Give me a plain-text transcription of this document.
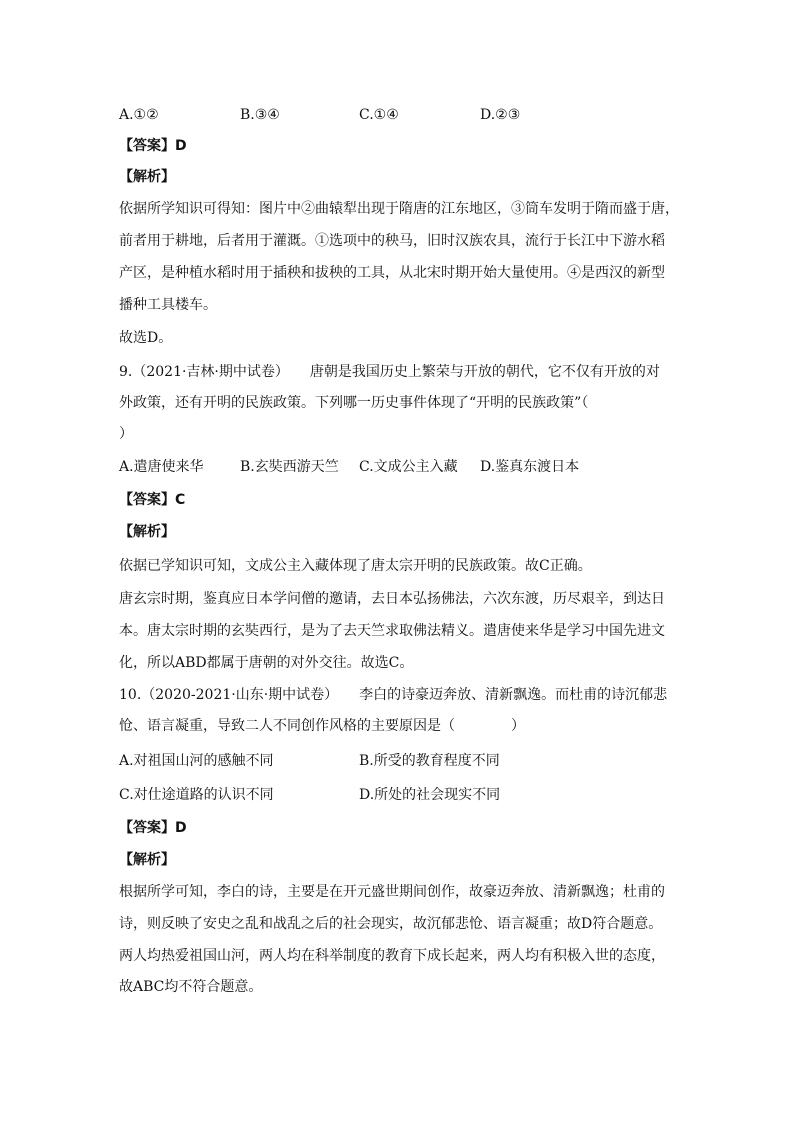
A.①②	B.③④	C.①④	D.②③
【答案】D
【解析】
依据所学知识可得知：图片中②曲辕犁出现于隋唐的江东地区，③筒车发明于隋而盛于唐，
前者用于耕地，后者用于灌溉。①选项中的秧马，旧时汉族农具，流行于长江中下游水稻
产区，是种植水稻时用于插秧和拔秧的工具，从北宋时期开始大量使用。④是西汉的新型
播种工具楼车。
故选D。
9.（2021·吉林·期中试卷）　　唐朝是我国历史上繁荣与开放的朝代，它不仅有开放的对
外政策，还有开明的民族政策。下列哪一历史事件体现了“开明的民族政策”（
）
A.遣唐使来华	B.玄奘西游天竺 C.文成公主入藏 D.鉴真东渡日本
【答案】C
【解析】
依据已学知识可知，文成公主入藏体现了唐太宗开明的民族政策。故C正确。
唐玄宗时期，鉴真应日本学问僧的邀请，去日本弘扬佛法，六次东渡，历尽艰辛，到达日
本。唐太宗时期的玄奘西行，是为了去天竺求取佛法精义。遣唐使来华是学习中国先进文
化，所以ABD都属于唐朝的对外交往。故选C。
10.（2020-2021·山东·期中试卷）　　李白的诗豪迈奔放、清新飘逸。而杜甫的诗沉郁悲
怆、语言凝重，导致二人不同创作风格的主要原因是（　　　　）
A.对祖国山河的感触不同	B.所受的教育程度不同
C.对仕途道路的认识不同	D.所处的社会现实不同
【答案】D
【解析】
根据所学可知，李白的诗，主要是在开元盛世期间创作，故豪迈奔放、清新飘逸；杜甫的
诗，则反映了安史之乱和战乱之后的社会现实，故沉郁悲怆、语言凝重；故D符合题意。
两人均热爱祖国山河，两人均在科举制度的教育下成长起来，两人均有积极入世的态度，
故ABC均不符合题意。
